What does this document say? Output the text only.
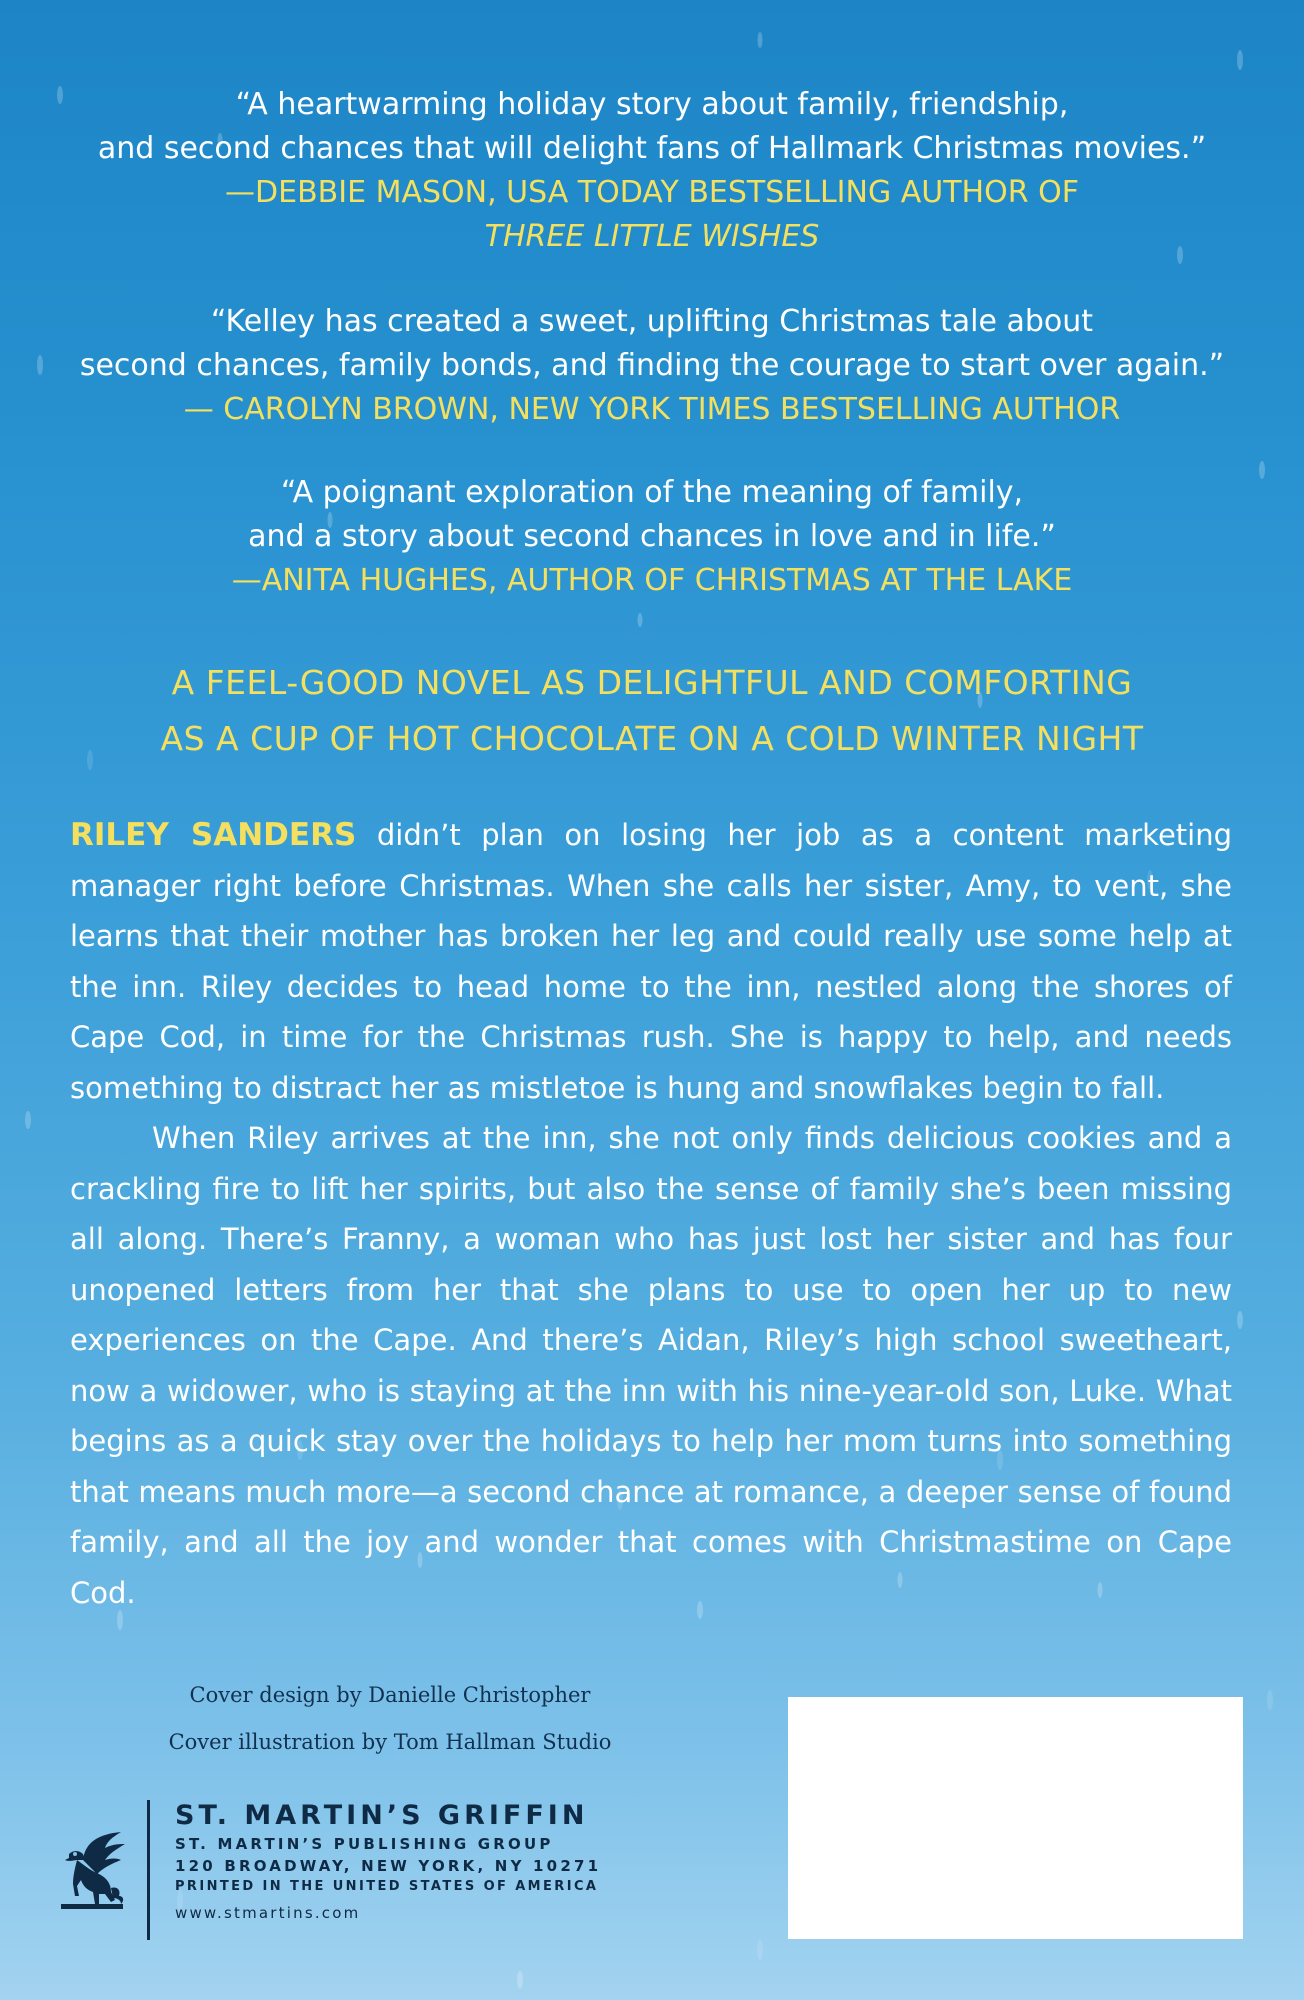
“A heartwarming holiday story about family, friendship,
and second chances that will delight fans of Hallmark Christmas movies.”
—DEBBIE MASON, USA TODAY BESTSELLING AUTHOR OF
THREE LITTLE WISHES
“Kelley has created a sweet, uplifting Christmas tale about
second chances, family bonds, and finding the courage to start over again.”
— CAROLYN BROWN, NEW YORK TIMES BESTSELLING AUTHOR
“A poignant exploration of the meaning of family,
and a story about second chances in love and in life.”
—ANITA HUGHES, AUTHOR OF CHRISTMAS AT THE LAKE
A FEEL-GOOD NOVEL AS DELIGHTFUL AND COMFORTING
AS A CUP OF HOT CHOCOLATE ON A COLD WINTER NIGHT

RILEY SANDERS didn’t plan on losing her job as a content marketing manager right before Christmas. When she calls her sister, Amy, to vent, she learns that their mother has broken her leg and could really use some help at the inn. Riley decides to head home to the inn, nestled along the shores of Cape Cod, in time for the Christmas rush. She is happy to help, and needs something to distract her as mistletoe is hung and snowflakes begin to fall.

When Riley arrives at the inn, she not only finds delicious cookies and a crackling fire to lift her spirits, but also the sense of family she’s been missing all along. There’s Franny, a woman who has just lost her sister and has four unopened letters from her that she plans to use to open her up to new experiences on the Cape. And there’s Aidan, Riley’s high school sweetheart, now a widower, who is staying at the inn with his nine-year-old son, Luke. What begins as a quick stay over the holidays to help her mom turns into something that means much more—a second chance at romance, a deeper sense of found family, and all the joy and wonder that comes with Christmastime on Cape Cod.

Cover design by Danielle Christopher
Cover illustration by Tom Hallman Studio
ST. MARTIN’S GRIFFIN
ST. MARTIN’S PUBLISHING GROUP
120 BROADWAY, NEW YORK, NY 10271
PRINTED IN THE UNITED STATES OF AMERICA
www.stmartins.com
